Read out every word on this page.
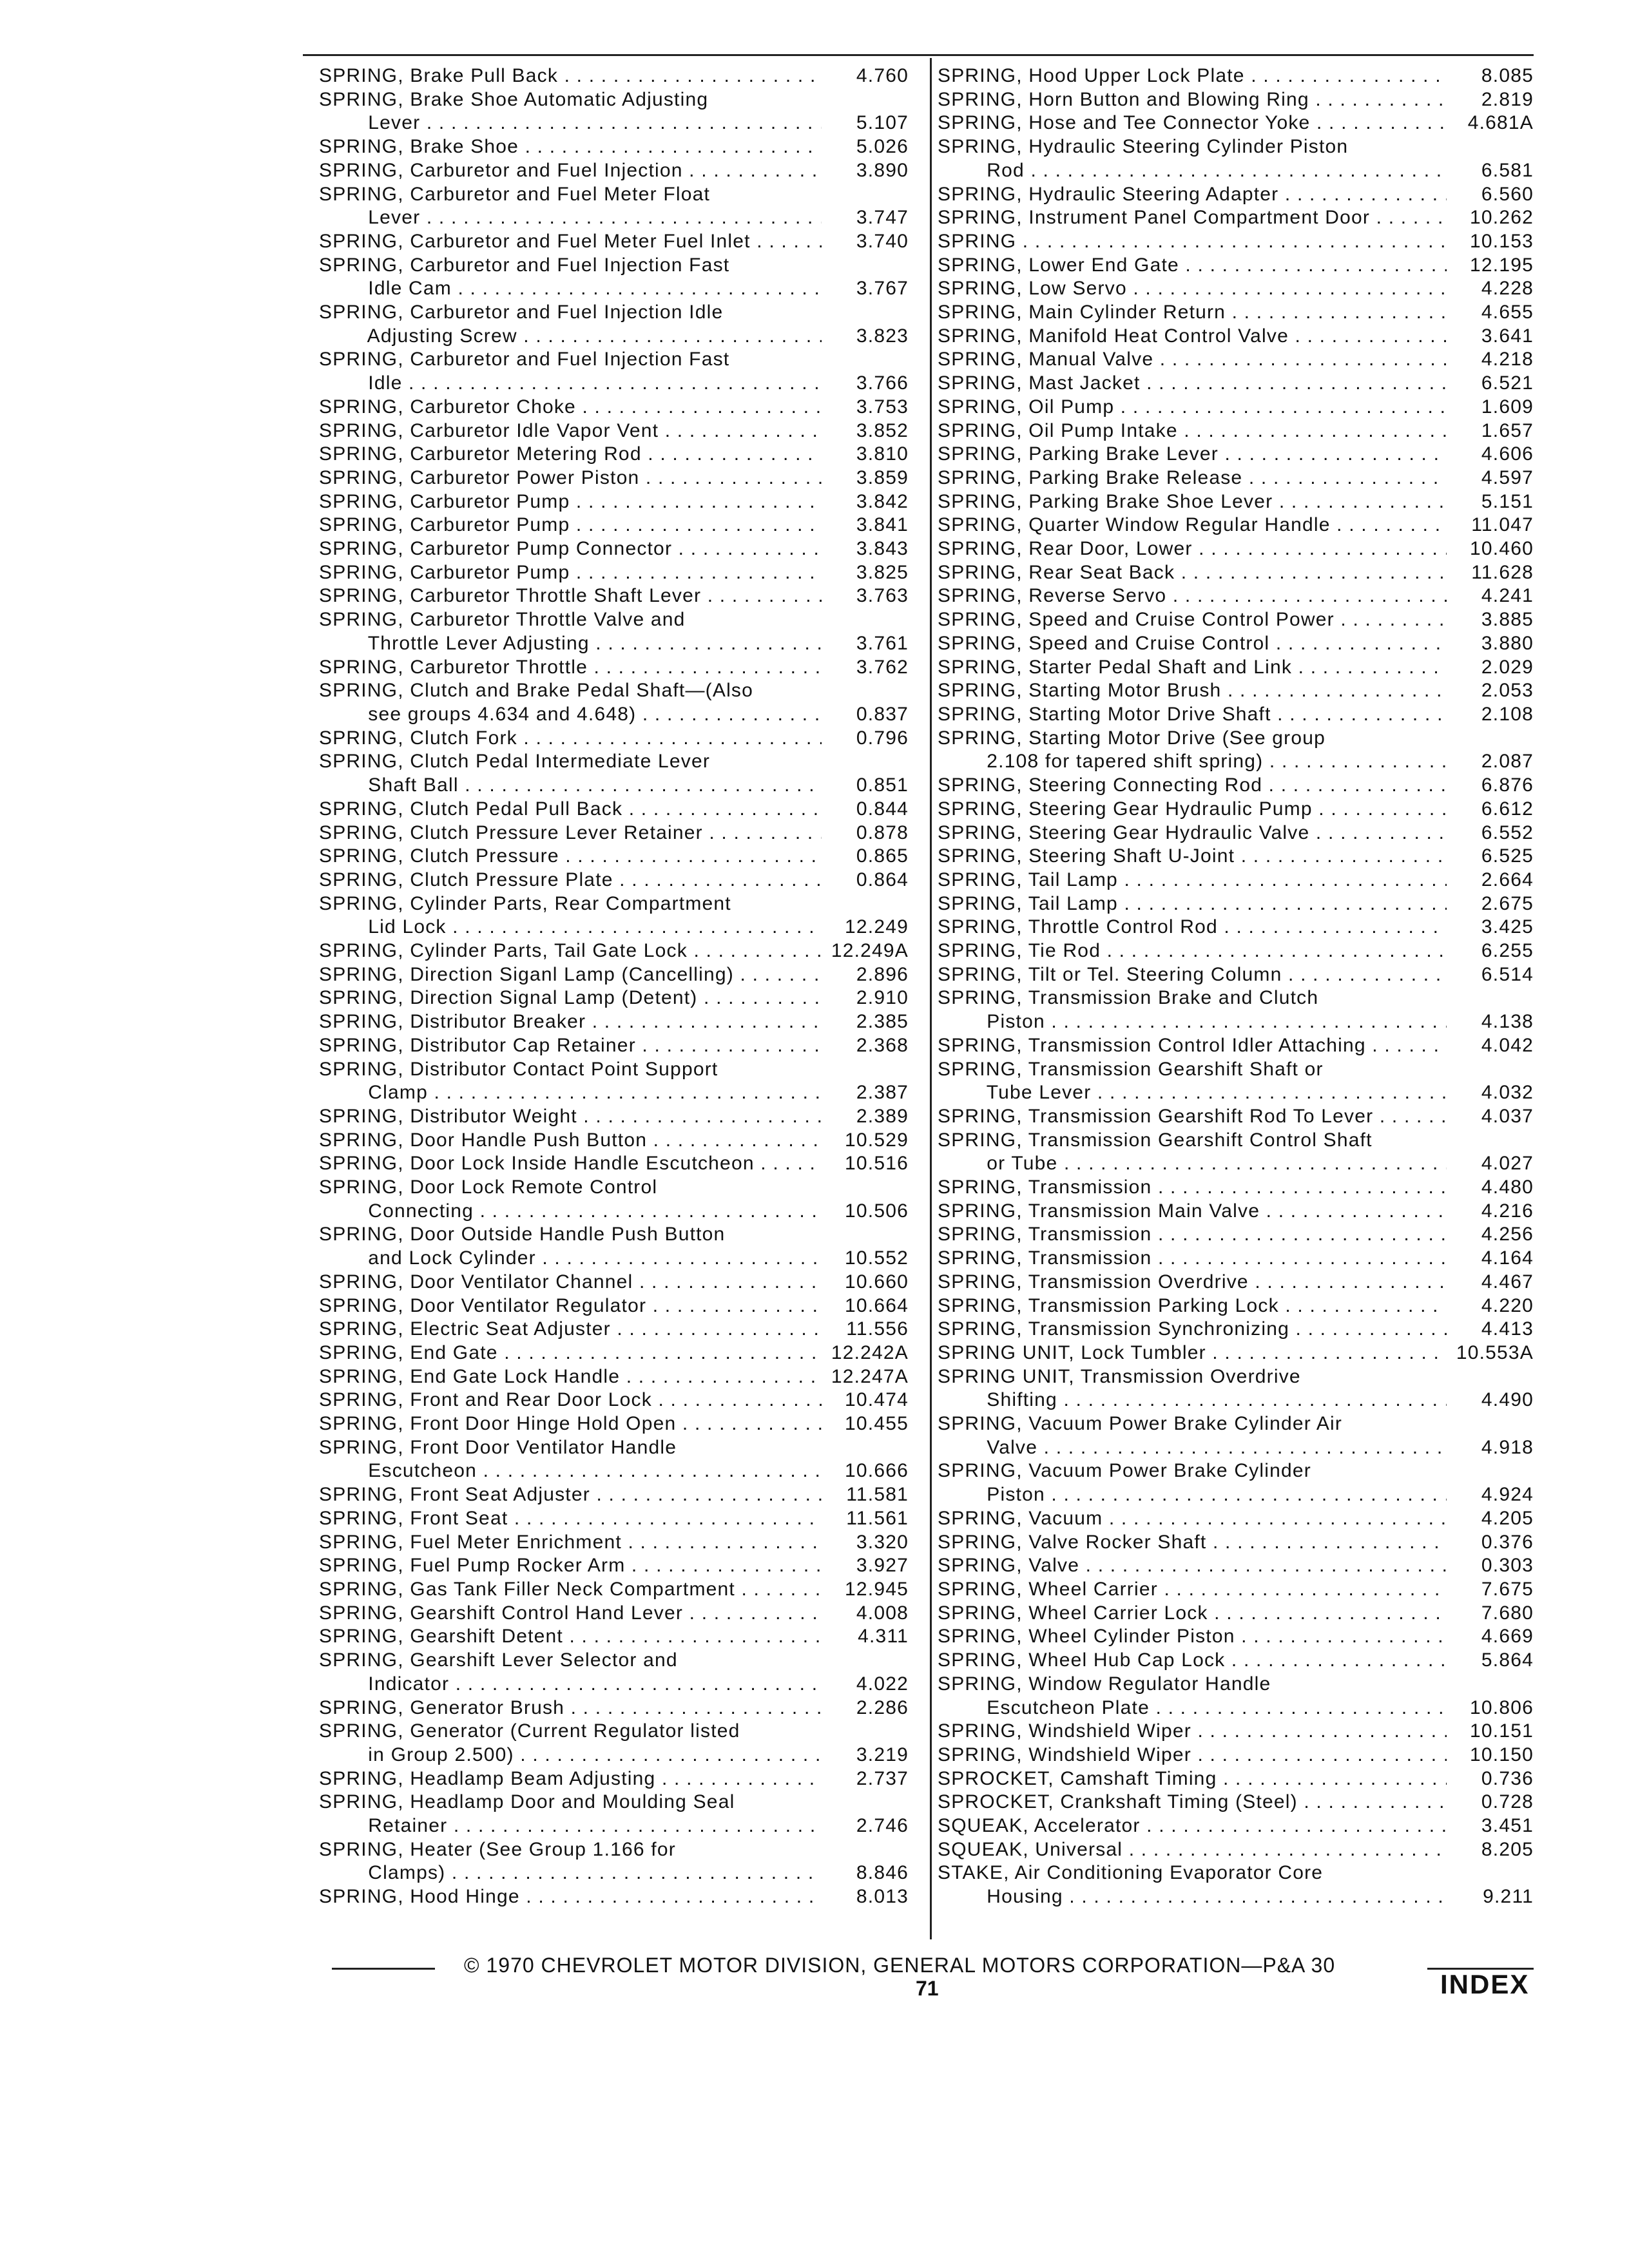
SPRING, Brake Pull Back . . .	4.760
SPRING, Brake Shoe Automatic Adjusting
Lever . . .	5.107
SPRING, Brake Shoe . . .	5.026
SPRING, Carburetor and Fuel Injection . . .	3.890
SPRING, Carburetor and Fuel Meter Float
Lever . . .	3.747
SPRING, Carburetor and Fuel Meter Fuel Inlet . . .	3.740
SPRING, Carburetor and Fuel Injection Fast
Idle Cam . . .	3.767
SPRING, Carburetor and Fuel Injection Idle
Adjusting Screw . . .	3.823
SPRING, Carburetor and Fuel Injection Fast
Idle . . .	3.766
SPRING, Carburetor Choke . . .	3.753
SPRING, Carburetor Idle Vapor Vent . . .	3.852
SPRING, Carburetor Metering Rod . . .	3.810
SPRING, Carburetor Power Piston . . .	3.859
SPRING, Carburetor Pump . . .	3.842
SPRING, Carburetor Pump . . .	3.841
SPRING, Carburetor Pump Connector . . .	3.843
SPRING, Carburetor Pump . . .	3.825
SPRING, Carburetor Throttle Shaft Lever . . .	3.763
SPRING, Carburetor Throttle Valve and
Throttle Lever Adjusting . . .	3.761
SPRING, Carburetor Throttle . . .	3.762
SPRING, Clutch and Brake Pedal Shaft—(Also
see groups 4.634 and 4.648) . . .	0.837
SPRING, Clutch Fork . . .	0.796
SPRING, Clutch Pedal Intermediate Lever
Shaft Ball . . .	0.851
SPRING, Clutch Pedal Pull Back . . .	0.844
SPRING, Clutch Pressure Lever Retainer . . .	0.878
SPRING, Clutch Pressure . . .	0.865
SPRING, Clutch Pressure Plate . . .	0.864
SPRING, Cylinder Parts, Rear Compartment
Lid Lock . . .	12.249
SPRING, Cylinder Parts, Tail Gate Lock . . .	12.249A
SPRING, Direction Siganl Lamp (Cancelling) . . .	2.896
SPRING, Direction Signal Lamp (Detent) . . .	2.910
SPRING, Distributor Breaker . . .	2.385
SPRING, Distributor Cap Retainer . . .	2.368
SPRING, Distributor Contact Point Support
Clamp . . .	2.387
SPRING, Distributor Weight . . .	2.389
SPRING, Door Handle Push Button . . .	10.529
SPRING, Door Lock Inside Handle Escutcheon . . .	10.516
SPRING, Door Lock Remote Control
Connecting . . .	10.506
SPRING, Door Outside Handle Push Button
and Lock Cylinder . . .	10.552
SPRING, Door Ventilator Channel . . .	10.660
SPRING, Door Ventilator Regulator . . .	10.664
SPRING, Electric Seat Adjuster . . .	11.556
SPRING, End Gate . . .	12.242A
SPRING, End Gate Lock Handle . . .	12.247A
SPRING, Front and Rear Door Lock . . .	10.474
SPRING, Front Door Hinge Hold Open . . .	10.455
SPRING, Front Door Ventilator Handle
Escutcheon . . .	10.666
SPRING, Front Seat Adjuster . . .	11.581
SPRING, Front Seat . . .	11.561
SPRING, Fuel Meter Enrichment . . .	3.320
SPRING, Fuel Pump Rocker Arm . . .	3.927
SPRING, Gas Tank Filler Neck Compartment . . .	12.945
SPRING, Gearshift Control Hand Lever . . .	4.008
SPRING, Gearshift Detent . . .	4.311
SPRING, Gearshift Lever Selector and
Indicator . . .	4.022
SPRING, Generator Brush . . .	2.286
SPRING, Generator (Current Regulator listed
in Group 2.500) . . .	3.219
SPRING, Headlamp Beam Adjusting . . .	2.737
SPRING, Headlamp Door and Moulding Seal
Retainer . . .	2.746
SPRING, Heater (See Group 1.166 for
Clamps) . . .	8.846
SPRING, Hood Hinge . . .	8.013
SPRING, Hood Upper Lock Plate . . .	8.085
SPRING, Horn Button and Blowing Ring . . .	2.819
SPRING, Hose and Tee Connector Yoke . . .	4.681A
SPRING, Hydraulic Steering Cylinder Piston
Rod . . .	6.581
SPRING, Hydraulic Steering Adapter . . .	6.560
SPRING, Instrument Panel Compartment Door . . .	10.262
SPRING . . .	10.153
SPRING, Lower End Gate . . .	12.195
SPRING, Low Servo . . .	4.228
SPRING, Main Cylinder Return . . .	4.655
SPRING, Manifold Heat Control Valve . . .	3.641
SPRING, Manual Valve . . .	4.218
SPRING, Mast Jacket . . .	6.521
SPRING, Oil Pump . . .	1.609
SPRING, Oil Pump Intake . . .	1.657
SPRING, Parking Brake Lever . . .	4.606
SPRING, Parking Brake Release . . .	4.597
SPRING, Parking Brake Shoe Lever . . .	5.151
SPRING, Quarter Window Regular Handle . . .	11.047
SPRING, Rear Door, Lower . . .	10.460
SPRING, Rear Seat Back . . .	11.628
SPRING, Reverse Servo . . .	4.241
SPRING, Speed and Cruise Control Power . . .	3.885
SPRING, Speed and Cruise Control . . .	3.880
SPRING, Starter Pedal Shaft and Link . . .	2.029
SPRING, Starting Motor Brush . . .	2.053
SPRING, Starting Motor Drive Shaft . . .	2.108
SPRING, Starting Motor Drive (See group
2.108 for tapered shift spring) . . .	2.087
SPRING, Steering Connecting Rod . . .	6.876
SPRING, Steering Gear Hydraulic Pump . . .	6.612
SPRING, Steering Gear Hydraulic Valve . . .	6.552
SPRING, Steering Shaft U-Joint . . .	6.525
SPRING, Tail Lamp . . .	2.664
SPRING, Tail Lamp . . .	2.675
SPRING, Throttle Control Rod . . .	3.425
SPRING, Tie Rod . . .	6.255
SPRING, Tilt or Tel. Steering Column . . .	6.514
SPRING, Transmission Brake and Clutch
Piston . . .	4.138
SPRING, Transmission Control Idler Attaching . . .	4.042
SPRING, Transmission Gearshift Shaft or
Tube Lever . . .	4.032
SPRING, Transmission Gearshift Rod To Lever . . .	4.037
SPRING, Transmission Gearshift Control Shaft
or Tube . . .	4.027
SPRING, Transmission . . .	4.480
SPRING, Transmission Main Valve . . .	4.216
SPRING, Transmission . . .	4.256
SPRING, Transmission . . .	4.164
SPRING, Transmission Overdrive . . .	4.467
SPRING, Transmission Parking Lock . . .	4.220
SPRING, Transmission Synchronizing . . .	4.413
SPRING UNIT, Lock Tumbler . . .	10.553A
SPRING UNIT, Transmission Overdrive
Shifting . . .	4.490
SPRING, Vacuum Power Brake Cylinder Air
Valve . . .	4.918
SPRING, Vacuum Power Brake Cylinder
Piston . . .	4.924
SPRING, Vacuum . . .	4.205
SPRING, Valve Rocker Shaft . . .	0.376
SPRING, Valve . . .	0.303
SPRING, Wheel Carrier . . .	7.675
SPRING, Wheel Carrier Lock . . .	7.680
SPRING, Wheel Cylinder Piston . . .	4.669
SPRING, Wheel Hub Cap Lock . . .	5.864
SPRING, Window Regulator Handle
Escutcheon Plate . . .	10.806
SPRING, Windshield Wiper . . .	10.151
SPRING, Windshield Wiper . . .	10.150
SPROCKET, Camshaft Timing . . .	0.736
SPROCKET, Crankshaft Timing (Steel) . . .	0.728
SQUEAK, Accelerator . . .	3.451
SQUEAK, Universal . . .	8.205
STAKE, Air Conditioning Evaporator Core
Housing . . .	9.211
© 1970 CHEVROLET MOTOR DIVISION, GENERAL MOTORS CORPORATION—P&A 30
71	INDEX
